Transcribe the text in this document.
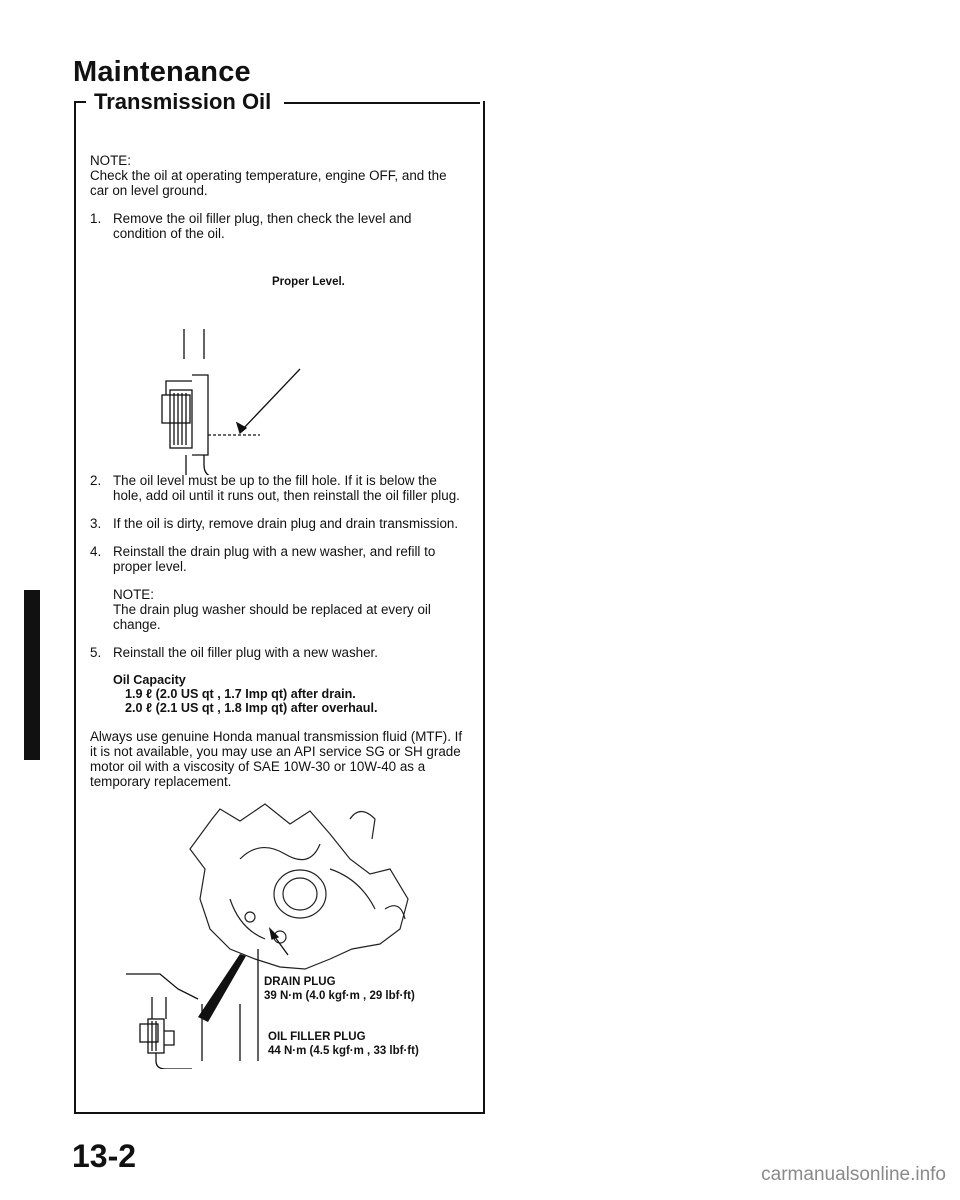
Maintenance
Transmission Oil

NOTE:

Check the oil at operating temperature, engine OFF, and the car on level ground.

1. Remove the oil filler plug, then check the level and condition of the oil.
Proper Level.
2. The oil level must be up to the fill hole. If it is below the hole, add oil until it runs out, then reinstall the oil filler plug.
3. If the oil is dirty, remove drain plug and drain transmission.
4. Reinstall the drain plug with a new washer, and refill to proper level.
NOTE:
The drain plug washer should be replaced at every oil change.
5. Reinstall the oil filler plug with a new washer.
Oil Capacity
1.9 ℓ (2.0 US qt , 1.7 Imp qt) after drain.
2.0 ℓ (2.1 US qt , 1.8 Imp qt) after overhaul.

Always use genuine Honda manual transmission fluid (MTF). If it is not available, you may use an API service SG or SH grade motor oil with a viscosity of SAE 10W-30 or 10W-40 as a temporary replacement.

DRAIN PLUG
39 N·m (4.0 kgf·m , 29 lbf·ft)
OIL FILLER PLUG
44 N·m (4.5 kgf·m , 33 lbf·ft)
13-2
carmanualsonline.info
